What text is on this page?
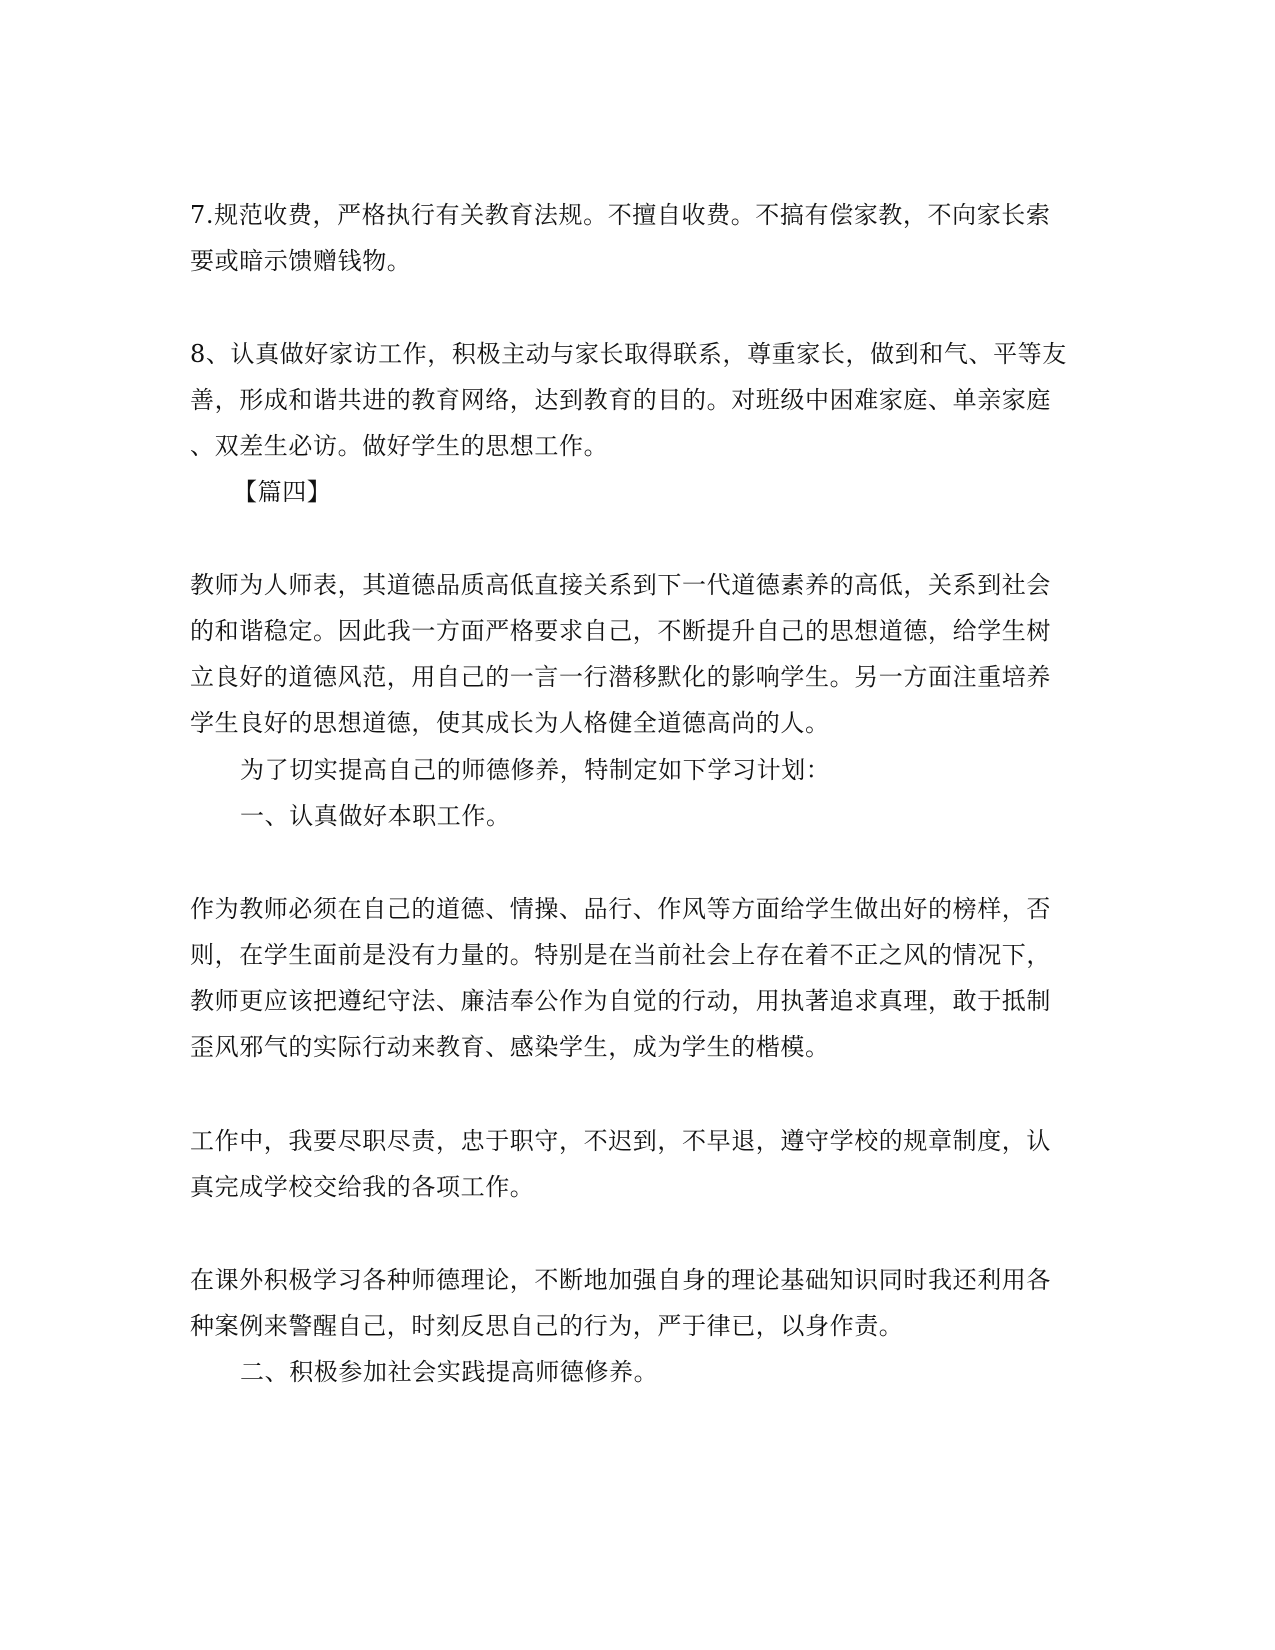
7.规范收费，严格执行有关教育法规。不擅自收费。不搞有偿家教，不向家长索
要或暗示馈赠钱物。
8、认真做好家访工作，积极主动与家长取得联系，尊重家长，做到和气、平等友
善，形成和谐共进的教育网络，达到教育的目的。对班级中困难家庭、单亲家庭
、双差生必访。做好学生的思想工作。
【篇四】
教师为人师表，其道德品质高低直接关系到下一代道德素养的高低，关系到社会
的和谐稳定。因此我一方面严格要求自己，不断提升自己的思想道德，给学生树
立良好的道德风范，用自己的一言一行潜移默化的影响学生。另一方面注重培养
学生良好的思想道德，使其成长为人格健全道德高尚的人。
为了切实提高自己的师德修养，特制定如下学习计划：
一、认真做好本职工作。
作为教师必须在自己的道德、情操、品行、作风等方面给学生做出好的榜样，否
则，在学生面前是没有力量的。特别是在当前社会上存在着不正之风的情况下，
教师更应该把遵纪守法、廉洁奉公作为自觉的行动，用执著追求真理，敢于抵制
歪风邪气的实际行动来教育、感染学生，成为学生的楷模。
工作中，我要尽职尽责，忠于职守，不迟到，不早退，遵守学校的规章制度，认
真完成学校交给我的各项工作。
在课外积极学习各种师德理论，不断地加强自身的理论基础知识同时我还利用各
种案例来警醒自己，时刻反思自己的行为，严于律已，以身作责。
二、积极参加社会实践提高师德修养。
